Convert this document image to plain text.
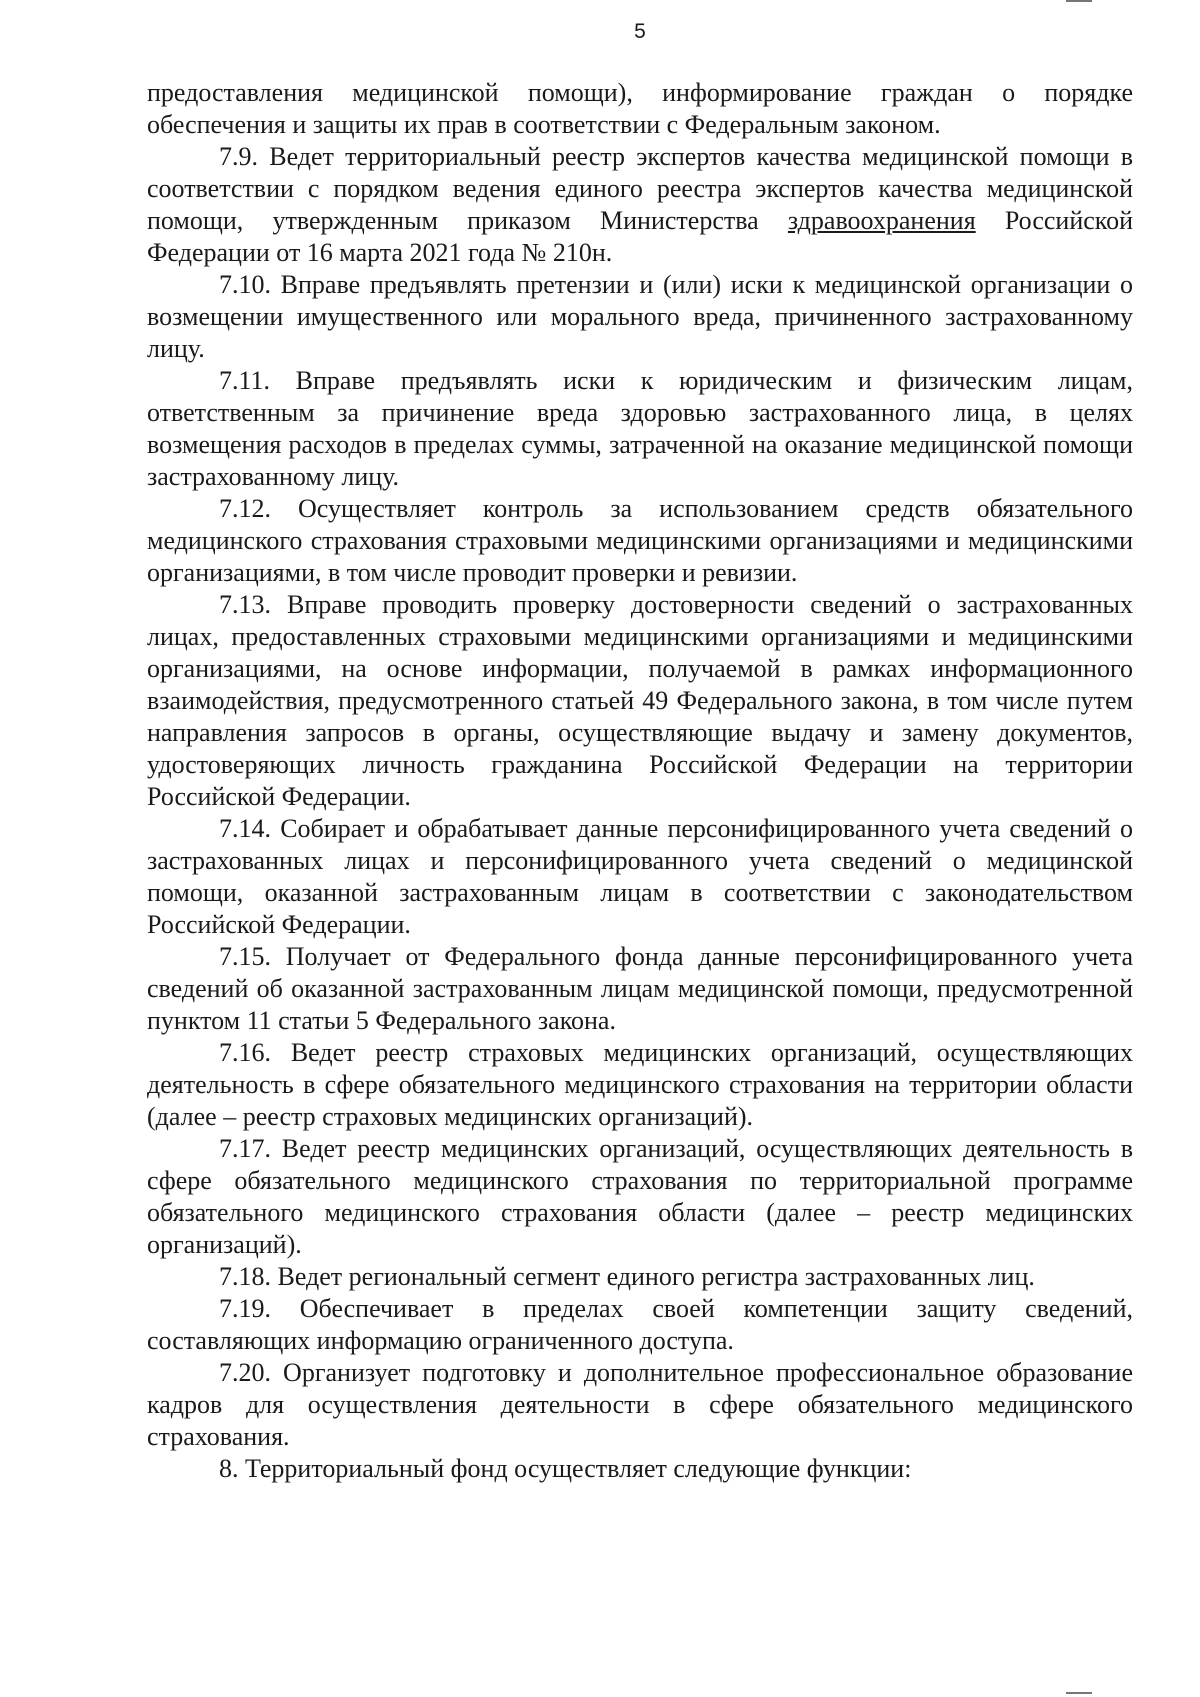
5

предоставления медицинской помощи), информирование граждан о порядке обеспечения и защиты их прав в соответствии с Федеральным законом.

7.9. Ведет территориальный реестр экспертов качества медицинской помощи в соответствии с порядком ведения единого реестра экспертов качества медицинской помощи, утвержденным приказом Министерства здравоохранения Российской Федерации от 16 марта 2021 года № 210н.

7.10. Вправе предъявлять претензии и (или) иски к медицинской организации о возмещении имущественного или морального вреда, причиненного застрахованному лицу.

7.11. Вправе предъявлять иски к юридическим и физическим лицам, ответственным за причинение вреда здоровью застрахованного лица, в целях возмещения расходов в пределах суммы, затраченной на оказание медицинской помощи застрахованному лицу.

7.12. Осуществляет контроль за использованием средств обязательного медицинского страхования страховыми медицинскими организациями и медицинскими организациями, в том числе проводит проверки и ревизии.

7.13. Вправе проводить проверку достоверности сведений о застрахованных лицах, предоставленных страховыми медицинскими организациями и медицинскими организациями, на основе информации, получаемой в рамках информационного взаимодействия, предусмотренного статьей 49 Федерального закона, в том числе путем направления запросов в органы, осуществляющие выдачу и замену документов, удостоверяющих личность гражданина Российской Федерации на территории Российской Федерации.

7.14. Собирает и обрабатывает данные персонифицированного учета сведений о застрахованных лицах и персонифицированного учета сведений о медицинской помощи, оказанной застрахованным лицам в соответствии с законодательством Российской Федерации.

7.15. Получает от Федерального фонда данные персонифицированного учета сведений об оказанной застрахованным лицам медицинской помощи, предусмотренной пунктом 11 статьи 5 Федерального закона.

7.16. Ведет реестр страховых медицинских организаций, осуществляющих деятельность в сфере обязательного медицинского страхования на территории области (далее – реестр страховых медицинских организаций).

7.17. Ведет реестр медицинских организаций, осуществляющих деятельность в сфере обязательного медицинского страхования по территориальной программе обязательного медицинского страхования области (далее – реестр медицинских организаций).

7.18. Ведет региональный сегмент единого регистра застрахованных лиц.

7.19. Обеспечивает в пределах своей компетенции защиту сведений, составляющих информацию ограниченного доступа.

7.20. Организует подготовку и дополнительное профессиональное образование кадров для осуществления деятельности в сфере обязательного медицинского страхования.

8. Территориальный фонд осуществляет следующие функции:
